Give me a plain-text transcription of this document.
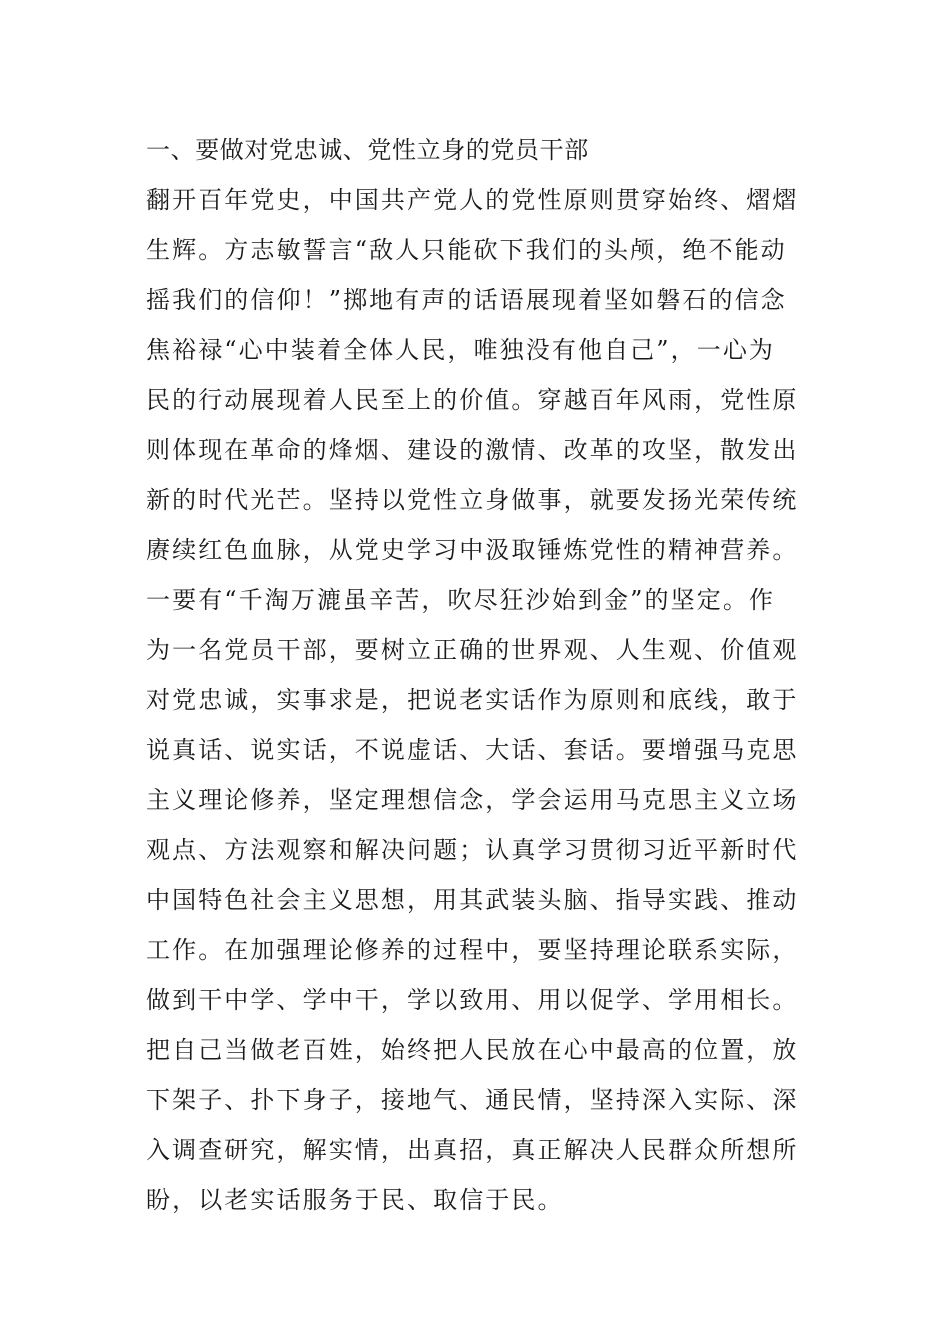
一、要做对党忠诚、党性立身的党员干部
翻开百年党史，中国共产党人的党性原则贯穿始终、熠熠
生辉。方志敏誓言“敌人只能砍下我们的头颅，绝不能动
摇我们的信仰！”掷地有声的话语展现着坚如磐石的信念
焦裕禄“心中装着全体人民，唯独没有他自己”，一心为
民的行动展现着人民至上的价值。穿越百年风雨，党性原
则体现在革命的烽烟、建设的激情、改革的攻坚，散发出
新的时代光芒。坚持以党性立身做事，就要发扬光荣传统
赓续红色血脉，从党史学习中汲取锤炼党性的精神营养。
一要有“千淘万漉虽辛苦，吹尽狂沙始到金”的坚定。作
为一名党员干部，要树立正确的世界观、人生观、价值观
对党忠诚，实事求是，把说老实话作为原则和底线，敢于
说真话、说实话，不说虚话、大话、套话。要增强马克思
主义理论修养，坚定理想信念，学会运用马克思主义立场
观点、方法观察和解决问题；认真学习贯彻习近平新时代
中国特色社会主义思想，用其武装头脑、指导实践、推动
工作。在加强理论修养的过程中，要坚持理论联系实际，
做到干中学、学中干，学以致用、用以促学、学用相长。
把自己当做老百姓，始终把人民放在心中最高的位置，放
下架子、扑下身子，接地气、通民情，坚持深入实际、深
入调查研究，解实情，出真招，真正解决人民群众所想所
盼，以老实话服务于民、取信于民。
